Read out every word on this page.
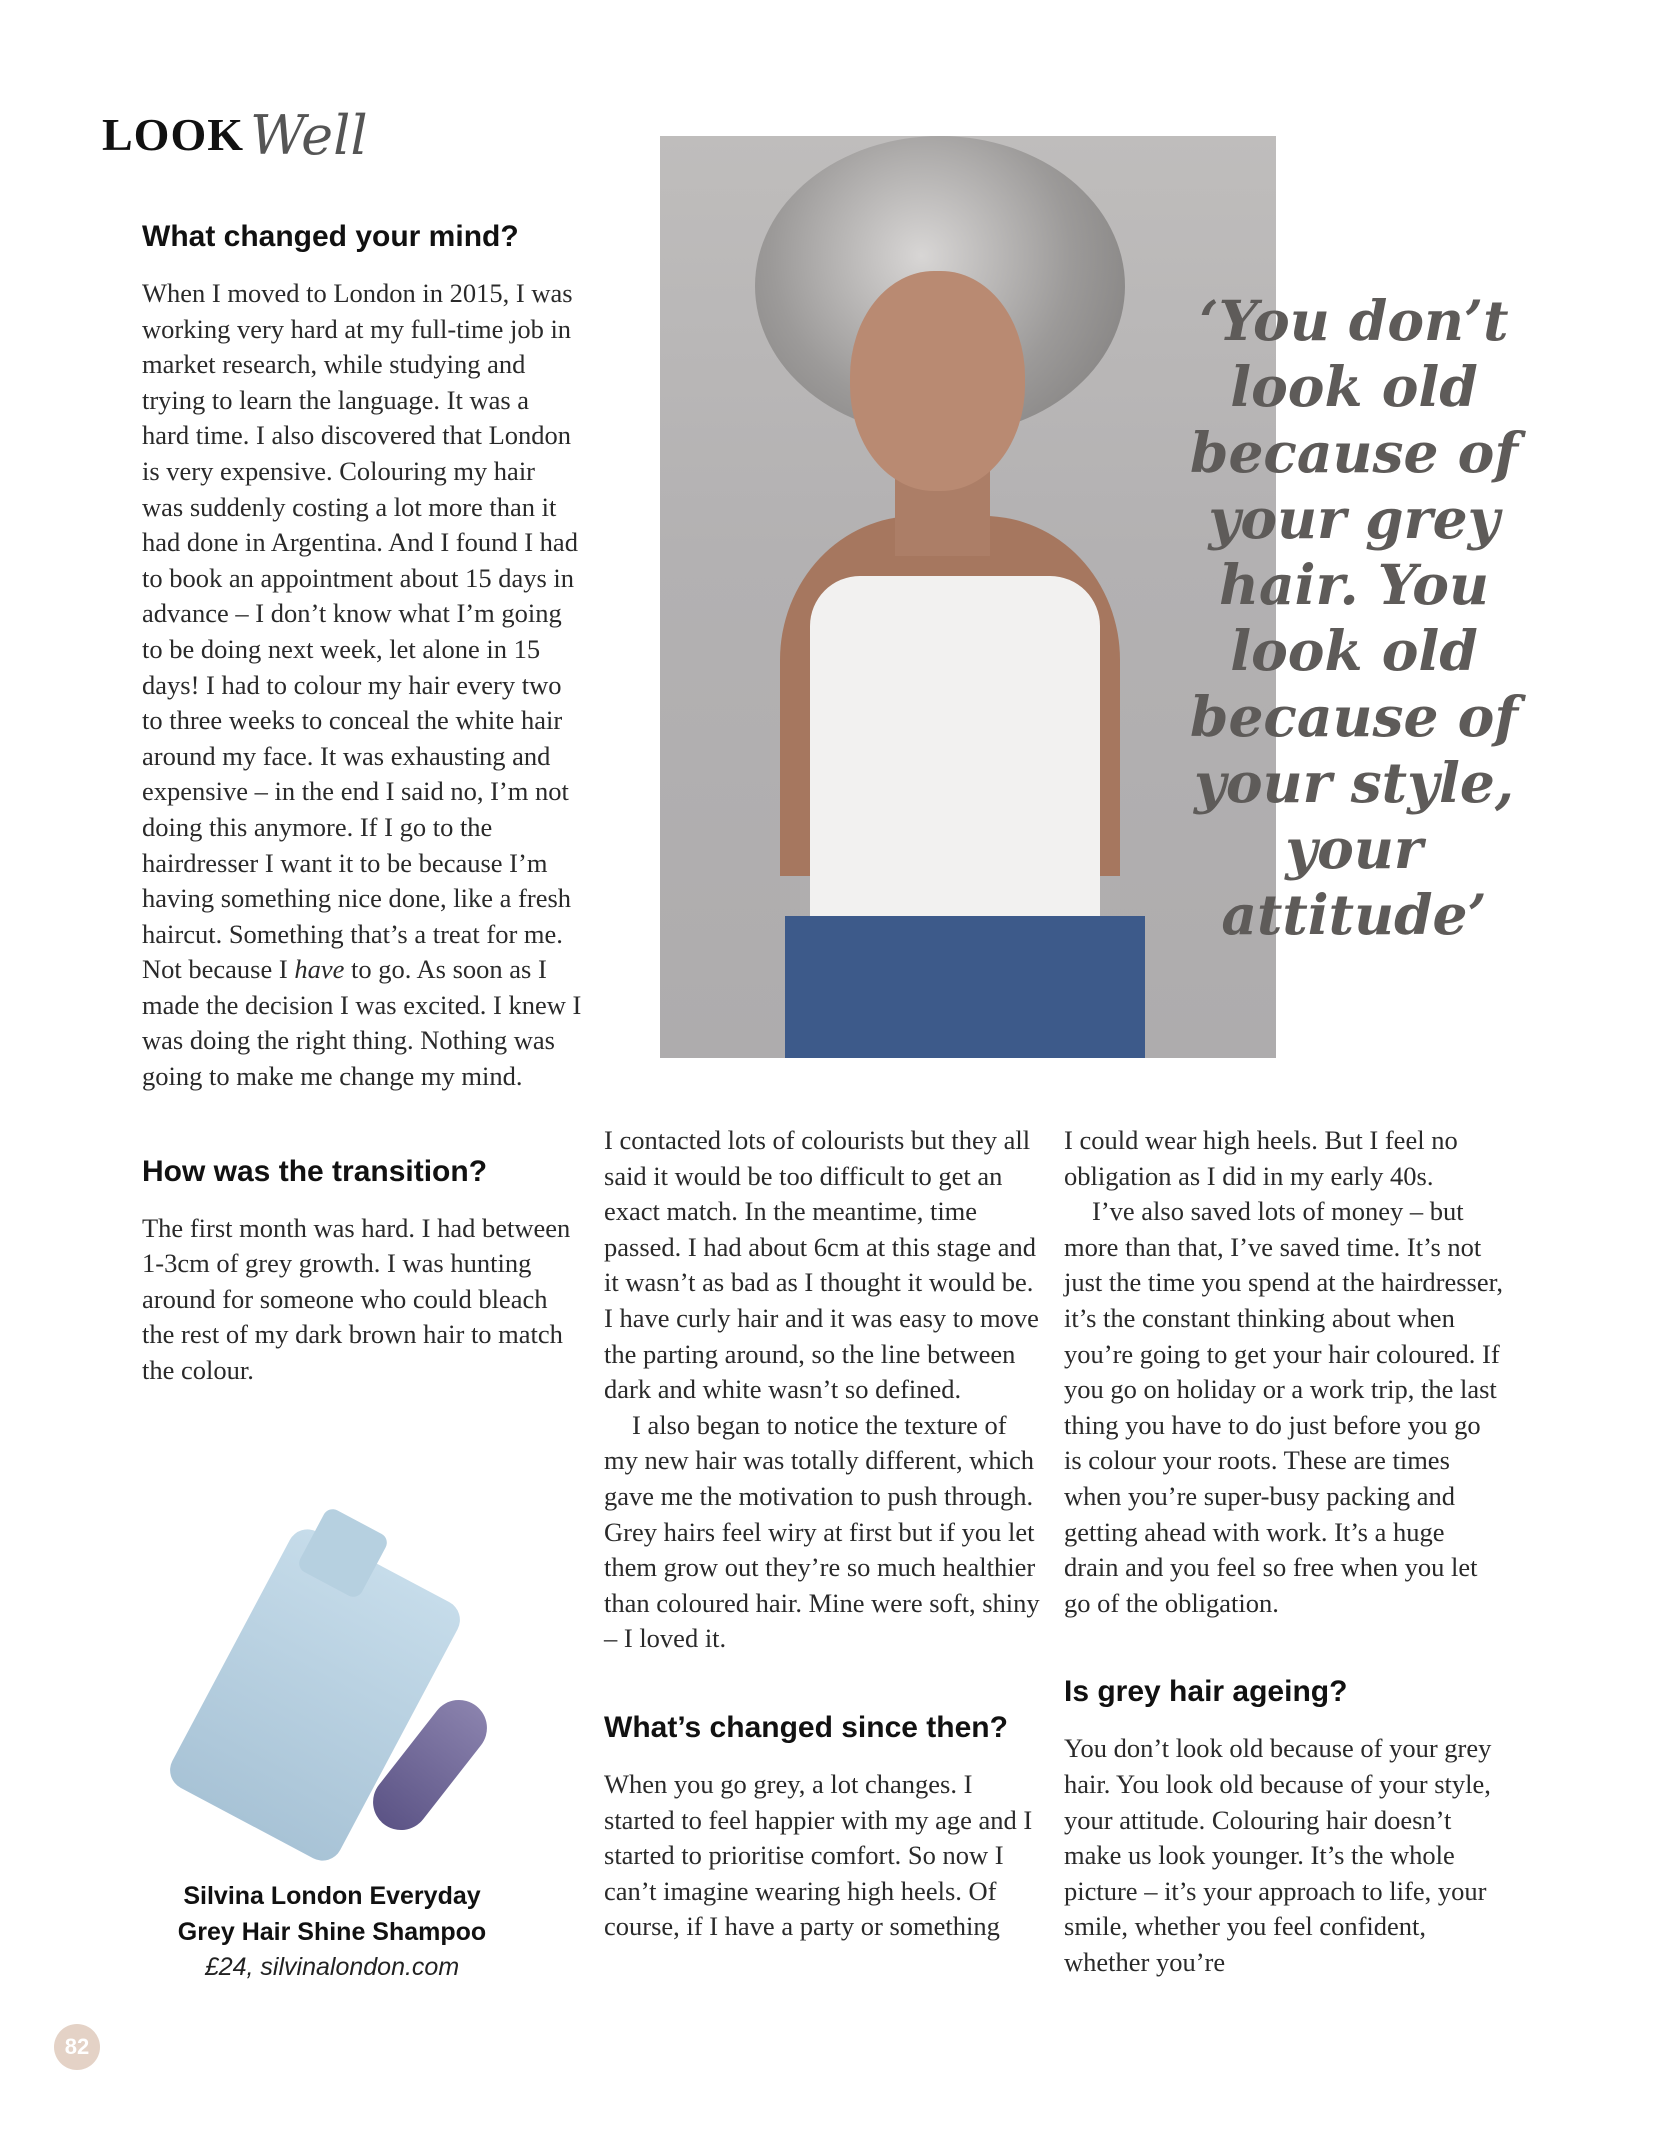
LOOK Well
What changed your mind?

When I moved to London in 2015, I was working very hard at my full-time job in market research, while studying and trying to learn the language. It was a hard time. I also discovered that London is very expensive. Colouring my hair was suddenly costing a lot more than it had done in Argentina. And I found I had to book an appointment about 15 days in advance – I don’t know what I’m going to be doing next week, let alone in 15 days! I had to colour my hair every two to three weeks to conceal the white hair around my face. It was exhausting and expensive – in the end I said no, I’m not doing this anymore. If I go to the hairdresser I want it to be because I’m having something nice done, like a fresh haircut. Something that’s a treat for me. Not because I have to go. As soon as I made the decision I was excited. I knew I was doing the right thing. Nothing was going to make me change my mind.

How was the transition?

The first month was hard. I had between 1-3cm of grey growth. I was hunting around for someone who could bleach the rest of my dark brown hair to match the colour.

‘You don’t look old because of your grey hair. You look old because of your style, your attitude’
Silvina London Everyday
Grey Hair Shine Shampoo
£24, silvinalondon.com

I contacted lots of colourists but they all said it would be too difficult to get an exact match. In the meantime, time passed. I had about 6cm at this stage and it wasn’t as bad as I thought it would be. I have curly hair and it was easy to move the parting around, so the line between dark and white wasn’t so defined.

I also began to notice the texture of my new hair was totally different, which gave me the motivation to push through. Grey hairs feel wiry at first but if you let them grow out they’re so much healthier than coloured hair. Mine were soft, shiny – I loved it.

What’s changed since then?

When you go grey, a lot changes. I started to feel happier with my age and I started to prioritise comfort. So now I can’t imagine wearing high heels. Of course, if I have a party or something

I could wear high heels. But I feel no obligation as I did in my early 40s.

I’ve also saved lots of money – but more than that, I’ve saved time. It’s not just the time you spend at the hairdresser, it’s the constant thinking about when you’re going to get your hair coloured. If you go on holiday or a work trip, the last thing you have to do just before you go is colour your roots. These are times when you’re super-busy packing and getting ahead with work. It’s a huge drain and you feel so free when you let go of the obligation.

Is grey hair ageing?

You don’t look old because of your grey hair. You look old because of your style, your attitude. Colouring hair doesn’t make us look younger. It’s the whole picture – it’s your approach to life, your smile, whether you feel confident, whether you’re

82
